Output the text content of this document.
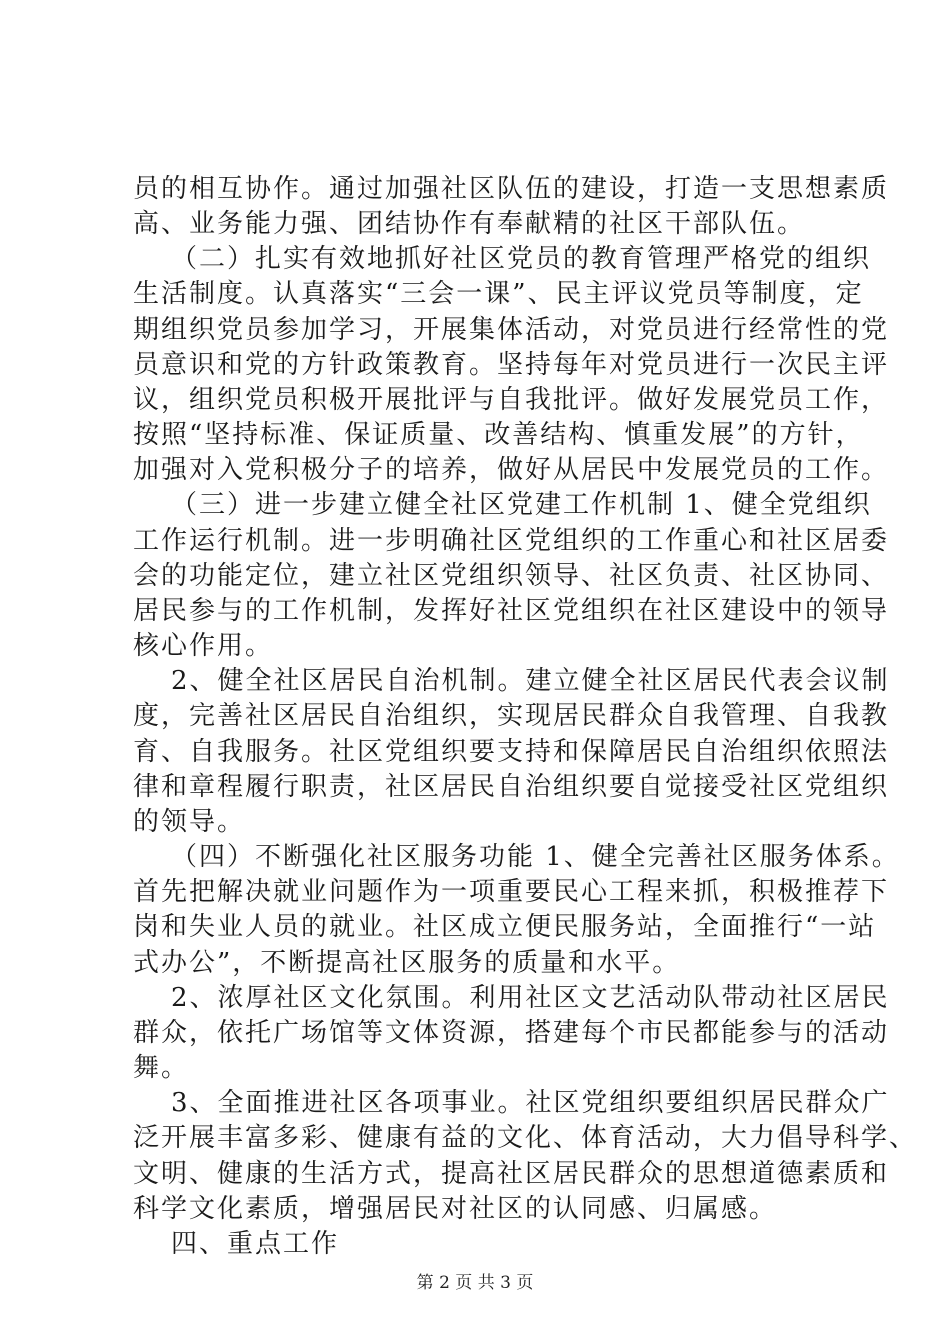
员的相互协作。通过加强社区队伍的建设，打造一支思想素质
高、业务能力强、团结协作有奉献精的社区干部队伍。
（二）扎实有效地抓好社区党员的教育管理严格党的组织
生活制度。认真落实“三会一课”、民主评议党员等制度，定
期组织党员参加学习，开展集体活动，对党员进行经常性的党
员意识和党的方针政策教育。坚持每年对党员进行一次民主评
议，组织党员积极开展批评与自我批评。做好发展党员工作，
按照“坚持标准、保证质量、改善结构、慎重发展”的方针，
加强对入党积极分子的培养，做好从居民中发展党员的工作。
（三）进一步建立健全社区党建工作机制 1、健全党组织
工作运行机制。进一步明确社区党组织的工作重心和社区居委
会的功能定位，建立社区党组织领导、社区负责、社区协同、
居民参与的工作机制，发挥好社区党组织在社区建设中的领导
核心作用。
2、健全社区居民自治机制。建立健全社区居民代表会议制
度，完善社区居民自治组织，实现居民群众自我管理、自我教
育、自我服务。社区党组织要支持和保障居民自治组织依照法
律和章程履行职责，社区居民自治组织要自觉接受社区党组织
的领导。
（四）不断强化社区服务功能 1、健全完善社区服务体系。
首先把解决就业问题作为一项重要民心工程来抓，积极推荐下
岗和失业人员的就业。社区成立便民服务站，全面推行“一站
式办公”，不断提高社区服务的质量和水平。
2、浓厚社区文化氛围。利用社区文艺活动队带动社区居民
群众，依托广场馆等文体资源，搭建每个市民都能参与的活动
舞。
3、全面推进社区各项事业。社区党组织要组织居民群众广
泛开展丰富多彩、健康有益的文化、体育活动，大力倡导科学、
文明、健康的生活方式，提高社区居民群众的思想道德素质和
科学文化素质，增强居民对社区的认同感、归属感。
四、重点工作
第 2 页 共 3 页
